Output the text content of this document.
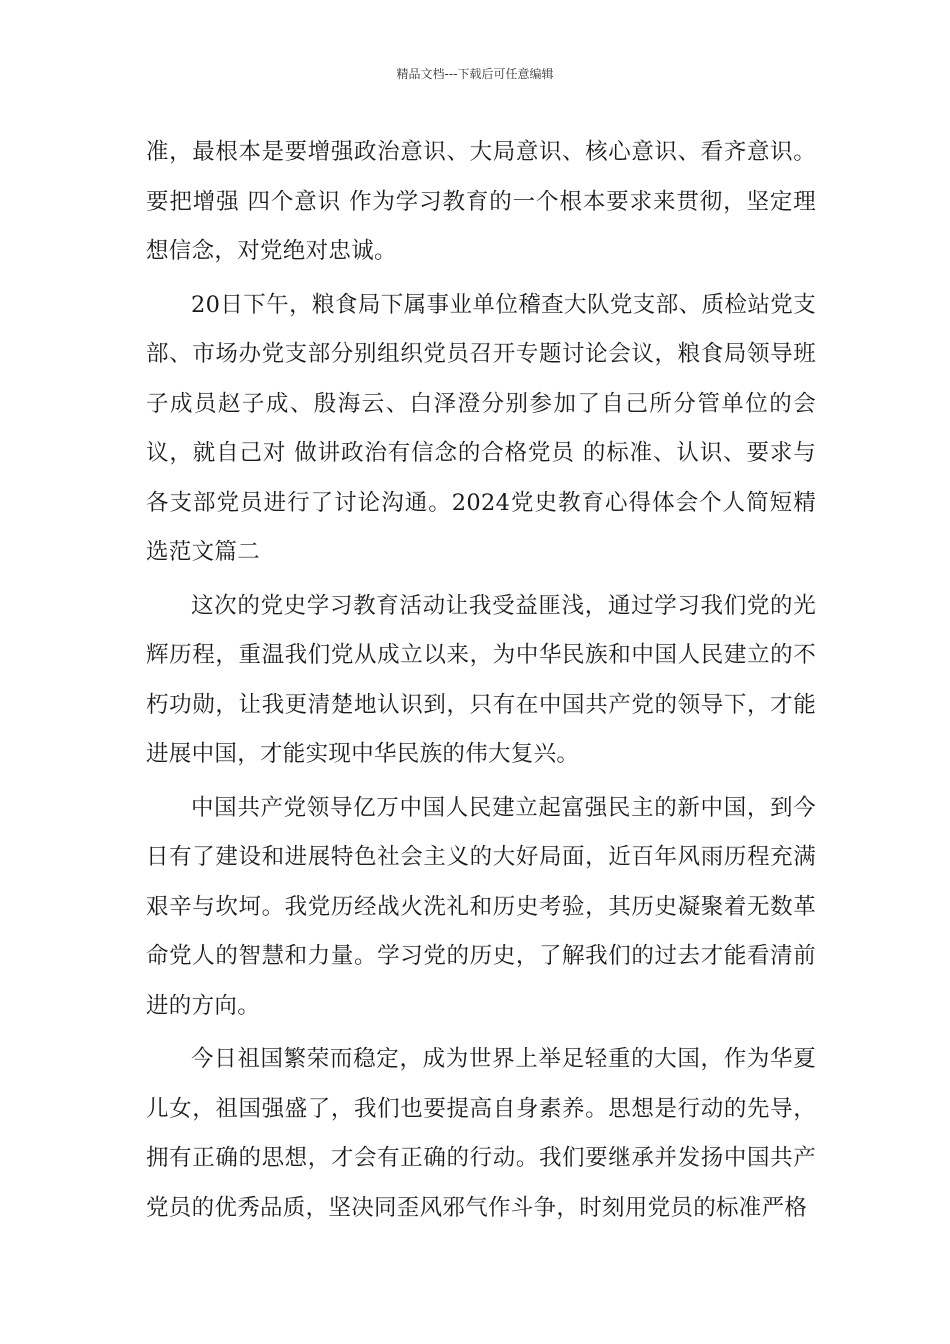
精品文档---下载后可任意编辑

准，最根本是要增强政治意识、大局意识、核心意识、看齐意识。要把增强 四个意识 作为学习教育的一个根本要求来贯彻，坚定理想信念，对党绝对忠诚。

20日下午，粮食局下属事业单位稽查大队党支部、质检站党支部、市场办党支部分别组织党员召开专题讨论会议，粮食局领导班子成员赵子成、殷海云、白泽澄分别参加了自己所分管单位的会议，就自己对 做讲政治有信念的合格党员 的标准、认识、要求与各支部党员进行了讨论沟通。2024党史教育心得体会个人简短精选范文篇二

这次的党史学习教育活动让我受益匪浅，通过学习我们党的光辉历程，重温我们党从成立以来，为中华民族和中国人民建立的不朽功勋，让我更清楚地认识到，只有在中国共产党的领导下，才能进展中国，才能实现中华民族的伟大复兴。

中国共产党领导亿万中国人民建立起富强民主的新中国，到今日有了建设和进展特色社会主义的大好局面，近百年风雨历程充满艰辛与坎坷。我党历经战火洗礼和历史考验，其历史凝聚着无数革命党人的智慧和力量。学习党的历史，了解我们的过去才能看清前进的方向。

今日祖国繁荣而稳定，成为世界上举足轻重的大国，作为华夏儿女，祖国强盛了，我们也要提高自身素养。思想是行动的先导，拥有正确的思想，才会有正确的行动。我们要继承并发扬中国共产党员的优秀品质，坚决同歪风邪气作斗争，时刻用党员的标准严格
